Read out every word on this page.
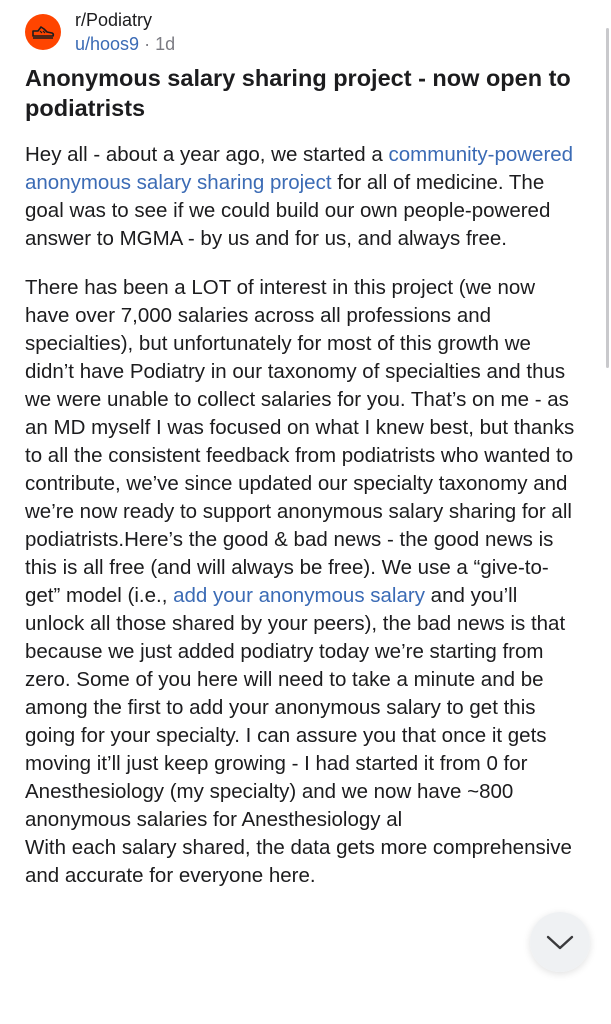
r/Podiatry
u/hoos9 · 1d
Anonymous salary sharing project - now open to podiatrists

Hey all - about a year ago, we started a community-powered anonymous salary sharing project for all of medicine. The goal was to see if we could build our own people-powered answer to MGMA - by us and for us, and always free.

There has been a LOT of interest in this project (we now have over 7,000 salaries across all professions and specialties), but unfortunately for most of this growth we didn’t have Podiatry in our taxonomy of specialties and thus we were unable to collect salaries for you. That’s on me - as an MD myself I was focused on what I knew best, but thanks to all the consistent feedback from podiatrists who wanted to contribute, we’ve since updated our specialty taxonomy and we’re now ready to support anonymous salary sharing for all podiatrists.Here’s the good & bad news - the good news is this is all free (and will always be free). We use a “give-to-get” model (i.e., add your anonymous salary and you’ll unlock all those shared by your peers), the bad news is that because we just added podiatry today we’re starting from zero. Some of you here will need to take a minute and be among the first to add your anonymous salary to get this going for your specialty. I can assure you that once it gets moving it’ll just keep growing - I had started it from 0 for Anesthesiology (my specialty) and we now have ~800 anonymous salaries for Anesthesiology al
With each salary shared, the data gets more comprehensive and accurate for everyone here.
